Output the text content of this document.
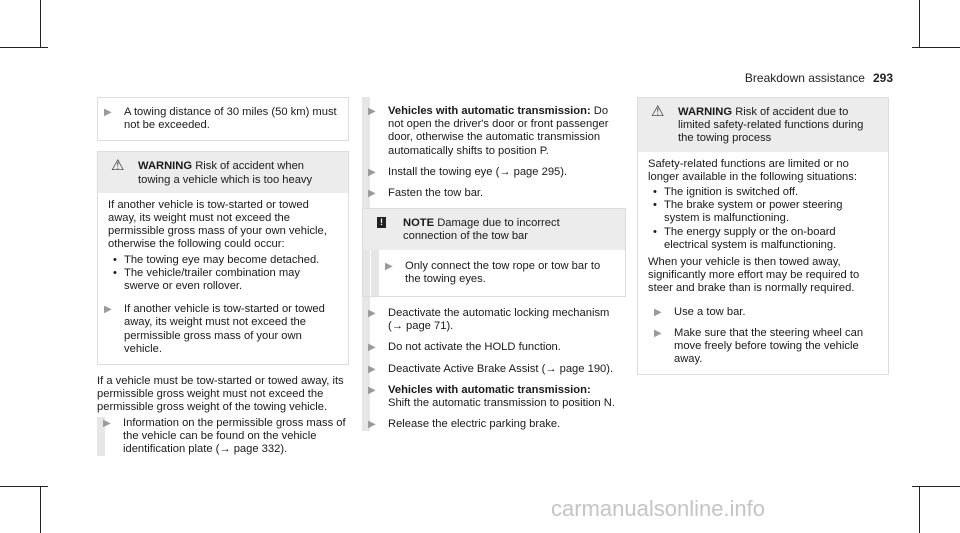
Breakdown assistance 293
▶ A towing distance of 30 miles (50 km) must not be exceeded.

⚠ WARNING Risk of accident when towing a vehicle which is too heavy

If another vehicle is tow-started or towed away, its weight must not exceed the permissible gross mass of your own vehicle, otherwise the following could occur:

• The towing eye may become detached.
• The vehicle/trailer combination may swerve or even rollover.
▶ If another vehicle is tow-started or towed away, its weight must not exceed the permissible gross mass of your own vehicle.

If a vehicle must be tow-started or towed away, its permissible gross weight must not exceed the permissible gross weight of the towing vehicle.

▶ Information on the permissible gross mass of the vehicle can be found on the vehicle identification plate (→ page 332).

▶ Vehicles with automatic transmission: Do not open the driver's door or front passenger door, otherwise the automatic transmission automatically shifts to position P.

▶ Install the towing eye (→ page 295).

▶ Fasten the tow bar.

! NOTE Damage due to incorrect connection of the tow bar
▶ Only connect the tow rope or tow bar to the towing eyes.

▶ Deactivate the automatic locking mechanism (→ page 71).

▶ Do not activate the HOLD function.

▶ Deactivate Active Brake Assist (→ page 190).

▶ Vehicles with automatic transmission:
Shift the automatic transmission to position N.

▶ Release the electric parking brake.

⚠ WARNING Risk of accident due to limited safety-related functions during the towing process

Safety-related functions are limited or no longer available in the following situations:

• The ignition is switched off.
• The brake system or power steering system is malfunctioning.
• The energy supply or the on-board electrical system is malfunctioning.

When your vehicle is then towed away, significantly more effort may be required to steer and brake than is normally required.

▶ Use a tow bar.

▶ Make sure that the steering wheel can move freely before towing the vehicle away.

carmanualsonline.info
